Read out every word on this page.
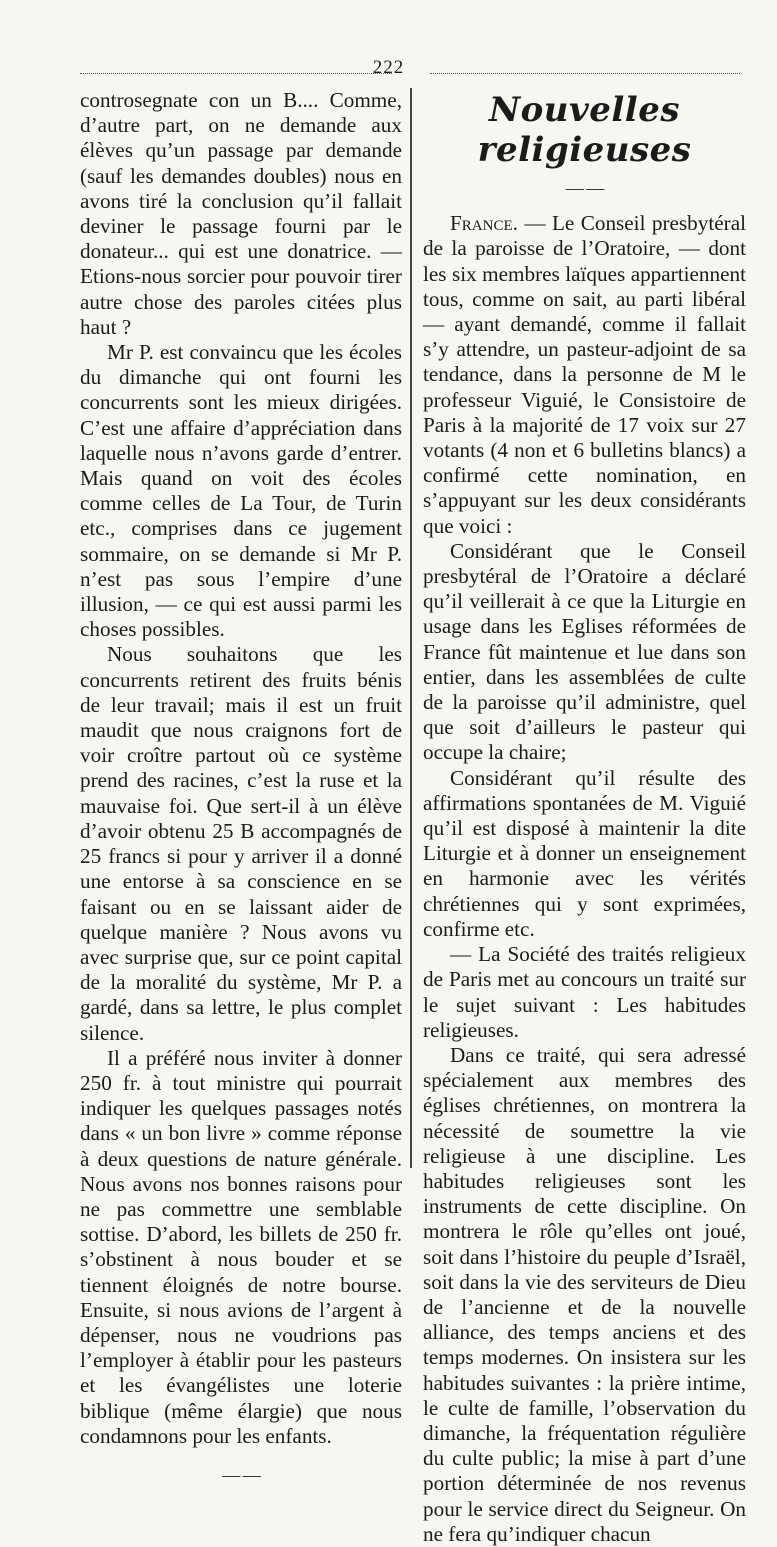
222

controsegnate con un B.... Comme, d’autre part, on ne demande aux élèves qu’un passage par demande (sauf les demandes doubles) nous en avons tiré la conclusion qu’il fallait deviner le passage fourni par le donateur... qui est une donatrice. — Etions-nous sorcier pour pouvoir tirer autre chose des paroles citées plus haut ?

Mr P. est convaincu que les écoles du dimanche qui ont fourni les concurrents sont les mieux dirigées. C’est une affaire d’appréciation dans laquelle nous n’avons garde d’entrer. Mais quand on voit des écoles comme celles de La Tour, de Turin etc., comprises dans ce jugement sommaire, on se demande si Mr P. n’est pas sous l’empire d’une illusion, — ce qui est aussi parmi les choses possibles.

Nous souhaitons que les concurrents retirent des fruits bénis de leur travail; mais il est un fruit maudit que nous craignons fort de voir croître partout où ce système prend des racines, c’est la ruse et la mauvaise foi. Que sert-il à un élève d’avoir obtenu 25 B accompagnés de 25 francs si pour y arriver il a donné une entorse à sa conscience en se faisant ou en se laissant aider de quelque manière ? Nous avons vu avec surprise que, sur ce point capital de la moralité du système, Mr P. a gardé, dans sa lettre, le plus complet silence.

Il a préféré nous inviter à donner 250 fr. à tout ministre qui pourrait indiquer les quelques passages notés dans « un bon livre » comme réponse à deux questions de nature générale. Nous avons nos bonnes raisons pour ne pas commettre une semblable sottise. D’abord, les billets de 250 fr. s’obstinent à nous bouder et se tiennent éloignés de notre bourse. Ensuite, si nous avions de l’argent à dépenser, nous ne voudrions pas l’employer à établir pour les pasteurs et les évangélistes une loterie biblique (même élargie) que nous condamnons pour les enfants.

— —
Nouvelles religieuses
— —

France. — Le Conseil presbytéral de la paroisse de l’Oratoire, — dont les six membres laïques appartiennent tous, comme on sait, au parti libéral — ayant demandé, comme il fallait s’y attendre, un pasteur-adjoint de sa tendance, dans la personne de M le professeur Viguié, le Consistoire de Paris à la majorité de 17 voix sur 27 votants (4 non et 6 bulletins blancs) a confirmé cette nomination, en s’appuyant sur les deux considérants que voici :

Considérant que le Conseil presbytéral de l’Oratoire a déclaré qu’il veillerait à ce que la Liturgie en usage dans les Eglises réformées de France fût maintenue et lue dans son entier, dans les assemblées de culte de la paroisse qu’il administre, quel que soit d’ailleurs le pasteur qui occupe la chaire;

Considérant qu’il résulte des affirmations spontanées de M. Viguié qu’il est disposé à maintenir la dite Liturgie et à donner un enseignement en harmonie avec les vérités chrétiennes qui y sont exprimées, confirme etc.

— La Société des traités religieux de Paris met au concours un traité sur le sujet suivant : Les habitudes religieuses.

Dans ce traité, qui sera adressé spécialement aux membres des églises chrétiennes, on montrera la nécessité de soumettre la vie religieuse à une discipline. Les habitudes religieuses sont les instruments de cette discipline. On montrera le rôle qu’elles ont joué, soit dans l’histoire du peuple d’Israël, soit dans la vie des serviteurs de Dieu de l’ancienne et de la nouvelle alliance, des temps anciens et des temps modernes. On insistera sur les habitudes suivantes : la prière intime, le culte de famille, l’observation du dimanche, la fréquentation régulière du culte public; la mise à part d’une portion déterminée de nos revenus pour le service direct du Seigneur. On ne fera qu’indiquer chacun
